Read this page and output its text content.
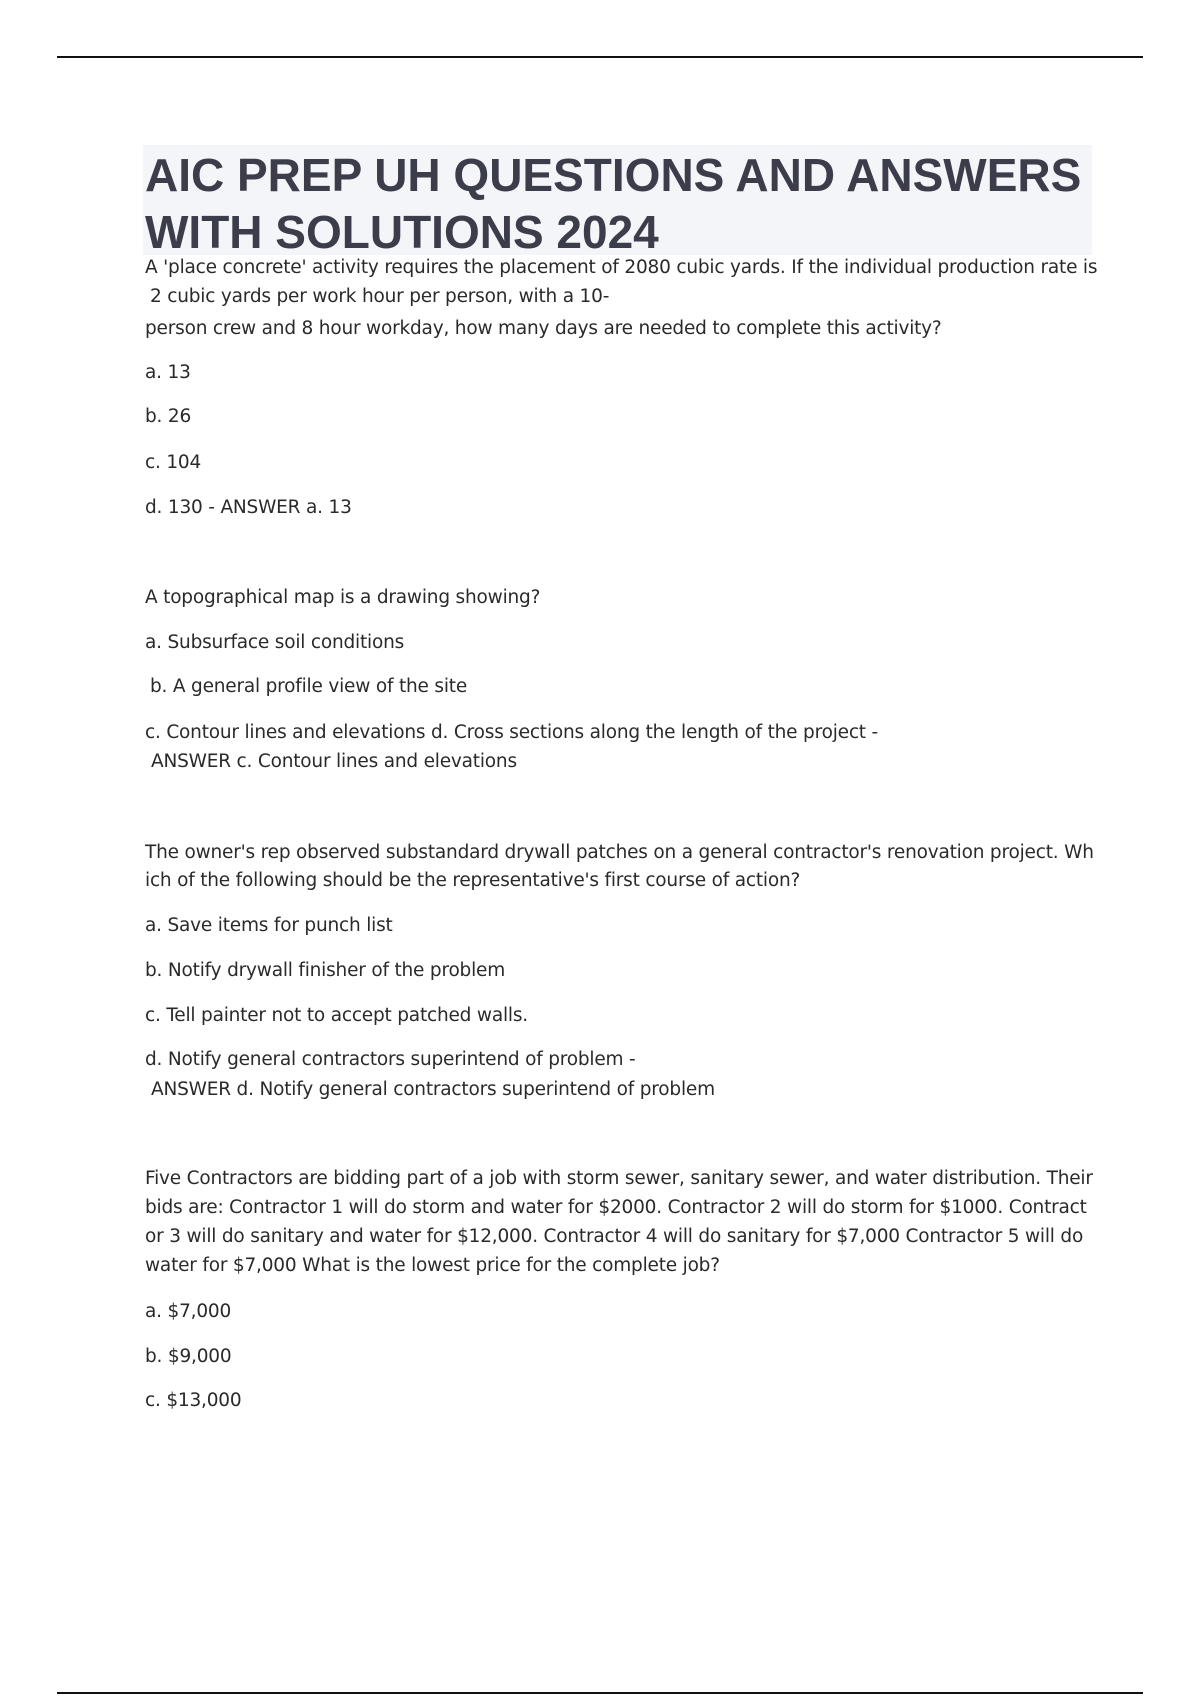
AIC PREP UH QUESTIONS AND ANSWERS WITH SOLUTIONS 2024

A 'place concrete' activity requires the placement of 2080 cubic yards. If the individual production rate is

2 cubic yards per work hour per person, with a 10-

person crew and 8 hour workday, how many days are needed to complete this activity?

a. 13

b. 26

c. 104

d. 130 - ANSWER a. 13

A topographical map is a drawing showing?

a. Subsurface soil conditions

b. A general profile view of the site

c. Contour lines and elevations d. Cross sections along the length of the project -

ANSWER c. Contour lines and elevations

The owner's rep observed substandard drywall patches on a general contractor's renovation project. Wh

ich of the following should be the representative's first course of action?

a. Save items for punch list

b. Notify drywall finisher of the problem

c. Tell painter not to accept patched walls.

d. Notify general contractors superintend of problem -

ANSWER d. Notify general contractors superintend of problem

Five Contractors are bidding part of a job with storm sewer, sanitary sewer, and water distribution. Their

bids are: Contractor 1 will do storm and water for $2000. Contractor 2 will do storm for $1000. Contract

or 3 will do sanitary and water for $12,000. Contractor 4 will do sanitary for $7,000 Contractor 5 will do

water for $7,000 What is the lowest price for the complete job?

a. $7,000

b. $9,000

c. $13,000
